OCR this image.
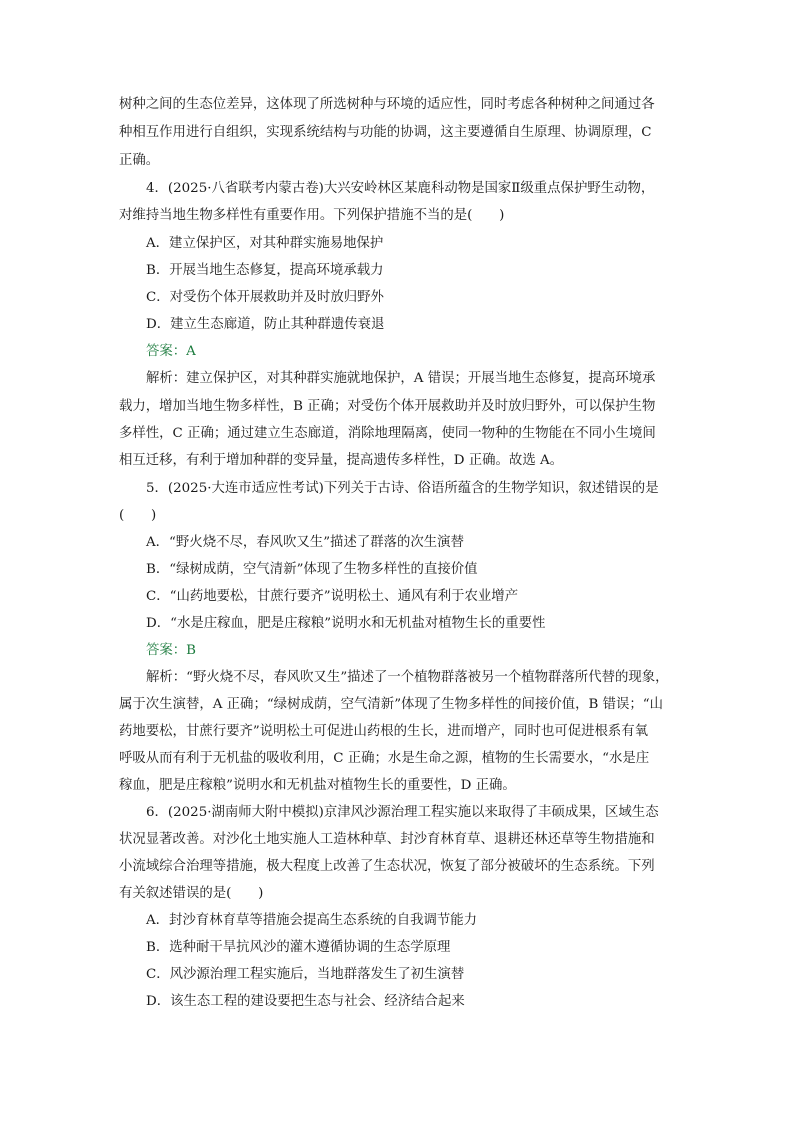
树种之间的生态位差异，这体现了所选树种与环境的适应性，同时考虑各种树种之间通过各
种相互作用进行自组织，实现系统结构与功能的协调，这主要遵循自生原理、协调原理，C
正确。
4．(2025·八省联考内蒙古卷)大兴安岭林区某鹿科动物是国家Ⅱ级重点保护野生动物，
对维持当地生物多样性有重要作用。下列保护措施不当的是(　　)
A．建立保护区，对其种群实施易地保护
B．开展当地生态修复，提高环境承载力
C．对受伤个体开展救助并及时放归野外
D．建立生态廊道，防止其种群遗传衰退
答案：A
解析：建立保护区，对其种群实施就地保护，A 错误；开展当地生态修复，提高环境承
载力，增加当地生物多样性，B 正确；对受伤个体开展救助并及时放归野外，可以保护生物
多样性，C 正确；通过建立生态廊道，消除地理隔离，使同一物种的生物能在不同小生境间
相互迁移，有利于增加种群的变异量，提高遗传多样性，D 正确。故选 A。
5．(2025·大连市适应性考试)下列关于古诗、俗语所蕴含的生物学知识，叙述错误的是
(　　)
A．“野火烧不尽，春风吹又生”描述了群落的次生演替
B．“绿树成荫，空气清新”体现了生物多样性的直接价值
C．“山药地要松，甘蔗行要齐”说明松土、通风有利于农业增产
D．“水是庄稼血，肥是庄稼粮”说明水和无机盐对植物生长的重要性
答案：B
解析：“野火烧不尽，春风吹又生”描述了一个植物群落被另一个植物群落所代替的现象，
属于次生演替，A 正确；“绿树成荫，空气清新”体现了生物多样性的间接价值，B 错误；“山
药地要松，甘蔗行要齐”说明松土可促进山药根的生长，进而增产，同时也可促进根系有氧
呼吸从而有利于无机盐的吸收利用，C 正确；水是生命之源，植物的生长需要水，“水是庄
稼血，肥是庄稼粮”说明水和无机盐对植物生长的重要性，D 正确。
6．(2025·湖南师大附中模拟)京津风沙源治理工程实施以来取得了丰硕成果，区域生态
状况显著改善。对沙化土地实施人工造林种草、封沙育林育草、退耕还林还草等生物措施和
小流域综合治理等措施，极大程度上改善了生态状况，恢复了部分被破坏的生态系统。下列
有关叙述错误的是(　　)
A．封沙育林育草等措施会提高生态系统的自我调节能力
B．选种耐干旱抗风沙的灌木遵循协调的生态学原理
C．风沙源治理工程实施后，当地群落发生了初生演替
D．该生态工程的建设要把生态与社会、经济结合起来
